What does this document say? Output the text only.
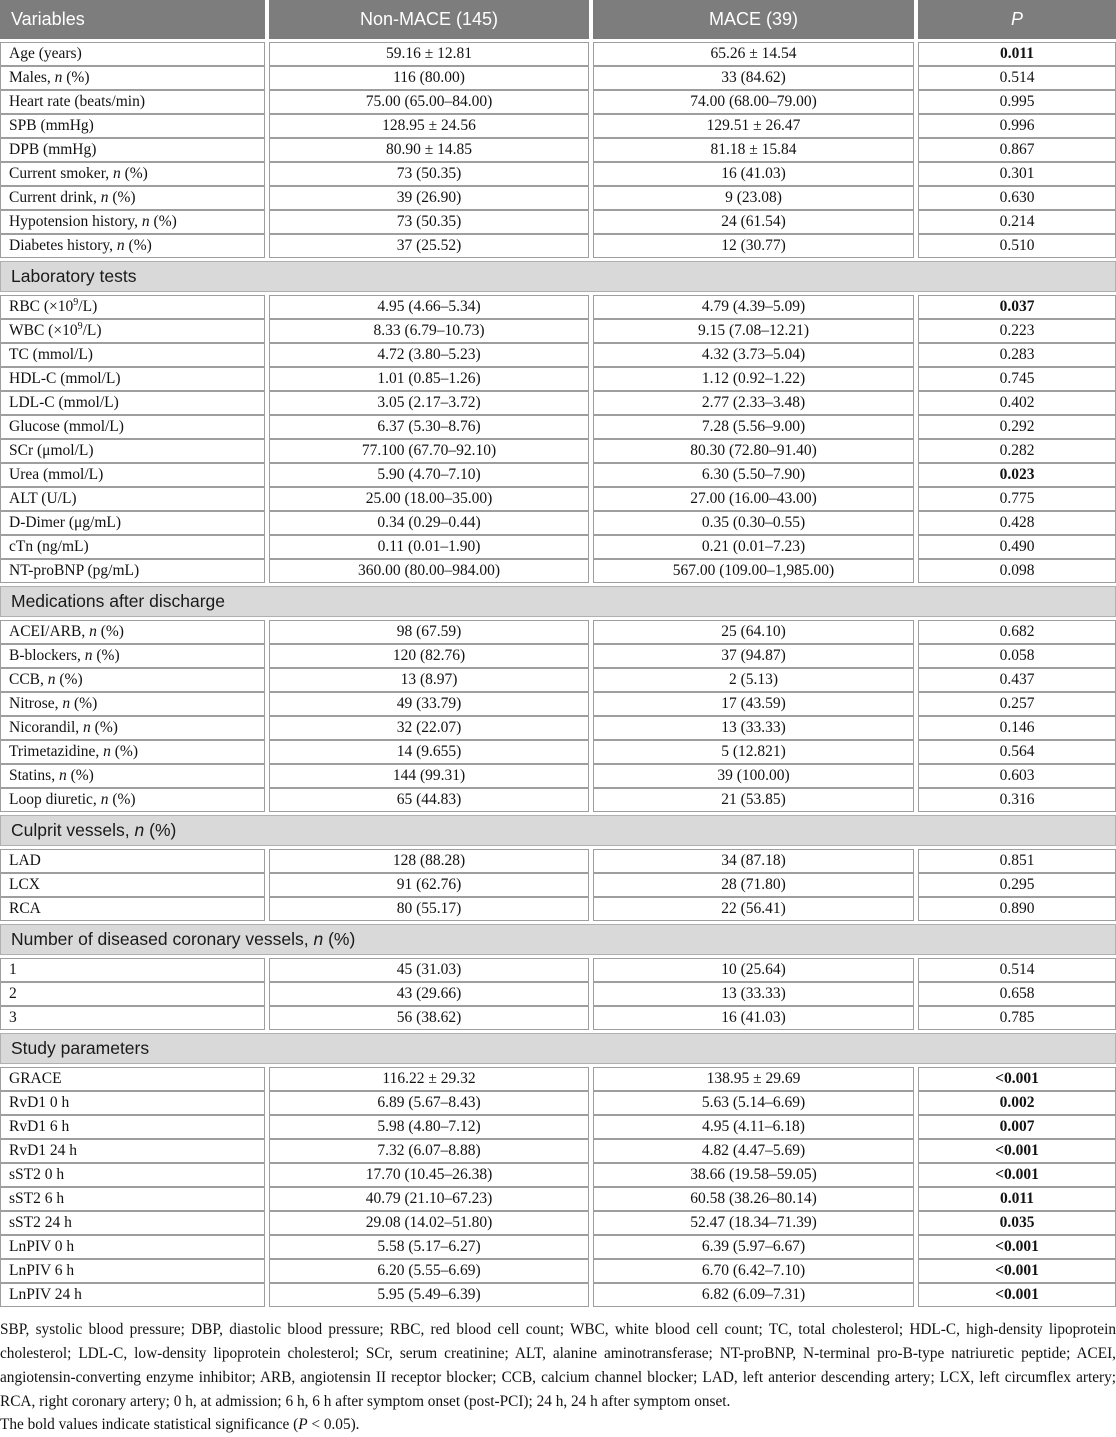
Variables	Non-MACE (145)	MACE (39)	P
Age (years)	59.16 ± 12.81	65.26 ± 14.54	0.011
Males, n (%)	116 (80.00)	33 (84.62)	0.514
Heart rate (beats/min)	75.00 (65.00–84.00)	74.00 (68.00–79.00)	0.995
SPB (mmHg)	128.95 ± 24.56	129.51 ± 26.47	0.996
DPB (mmHg)	80.90 ± 14.85	81.18 ± 15.84	0.867
Current smoker, n (%)	73 (50.35)	16 (41.03)	0.301
Current drink, n (%)	39 (26.90)	9 (23.08)	0.630
Hypotension history, n (%)	73 (50.35)	24 (61.54)	0.214
Diabetes history, n (%)	37 (25.52)	12 (30.77)	0.510
Laboratory tests
RBC $(\times 10^9/L)$	4.95 (4.66–5.34)	4.79 (4.39–5.09)	0.037
WBC $(\times 10^9/L)$	8.33 (6.79–10.73)	9.15 (7.08–12.21)	0.223
TC (mmol/L)	4.72 (3.80–5.23)	4.32 (3.73–5.04)	0.283
HDL-C (mmol/L)	1.01 (0.85–1.26)	1.12 (0.92–1.22)	0.745
LDL-C (mmol/L)	3.05 (2.17–3.72)	2.77 (2.33–3.48)	0.402
Glucose (mmol/L)	6.37 (5.30–8.76)	7.28 (5.56–9.00)	0.292
SCr (μmol/L)	77.100 (67.70–92.10)	80.30 (72.80–91.40)	0.282
Urea (mmol/L)	5.90 (4.70–7.10)	6.30 (5.50–7.90)	0.023
ALT (U/L)	25.00 (18.00–35.00)	27.00 (16.00–43.00)	0.775
D-Dimer (μg/mL)	0.34 (0.29–0.44)	0.35 (0.30–0.55)	0.428
cTn (ng/mL)	0.11 (0.01–1.90)	0.21 (0.01–7.23)	0.490
NT-proBNP (pg/mL)	360.00 (80.00–984.00)	567.00 (109.00–1,985.00)	0.098
Medications after discharge
ACEI/ARB, n (%)	98 (67.59)	25 (64.10)	0.682
B-blockers, n (%)	120 (82.76)	37 (94.87)	0.058
CCB, n (%)	13 (8.97)	2 (5.13)	0.437
Nitrose, n (%)	49 (33.79)	17 (43.59)	0.257
Nicorandil, n (%)	32 (22.07)	13 (33.33)	0.146
Trimetazidine, n (%)	14 (9.655)	5 (12.821)	0.564
Statins, n (%)	144 (99.31)	39 (100.00)	0.603
Loop diuretic, n (%)	65 (44.83)	21 (53.85)	0.316
Culprit vessels, n (%)
LAD	128 (88.28)	34 (87.18)	0.851
LCX	91 (62.76)	28 (71.80)	0.295
RCA	80 (55.17)	22 (56.41)	0.890
Number of diseased coronary vessels, n (%)
1	45 (31.03)	10 (25.64)	0.514
2	43 (29.66)	13 (33.33)	0.658
3	56 (38.62)	16 (41.03)	0.785
Study parameters
GRACE	116.22 ± 29.32	138.95 ± 29.69	<0.001
RvD1 0 h	6.89 (5.67–8.43)	5.63 (5.14–6.69)	0.002
RvD1 6 h	5.98 (4.80–7.12)	4.95 (4.11–6.18)	0.007
RvD1 24 h	7.32 (6.07–8.88)	4.82 (4.47–5.69)	<0.001
sST2 0 h	17.70 (10.45–26.38)	38.66 (19.58–59.05)	<0.001
sST2 6 h	40.79 (21.10–67.23)	60.58 (38.26–80.14)	0.011
sST2 24 h	29.08 (14.02–51.80)	52.47 (18.34–71.39)	0.035
LnPIV 0 h	5.58 (5.17–6.27)	6.39 (5.97–6.67)	<0.001
LnPIV 6 h	6.20 (5.55–6.69)	6.70 (6.42–7.10)	<0.001
LnPIV 24 h	5.95 (5.49–6.39)	6.82 (6.09–7.31)	<0.001
SBP, systolic blood pressure; DBP, diastolic blood pressure; RBC, red blood cell count; WBC, white blood cell count; TC, total cholesterol; HDL-C, high-density lipoprotein cholesterol; LDL-C, low-density lipoprotein cholesterol; SCr, serum creatinine; ALT, alanine aminotransferase; NT-proBNP, N-terminal pro-B-type natriuretic peptide; ACEI, angiotensin-converting enzyme inhibitor; ARB, angiotensin II receptor blocker; CCB, calcium channel blocker; LAD, left anterior descending artery; LCX, left circumflex artery; RCA, right coronary artery; 0 h, at admission; 6 h, 6 h after symptom onset (post-PCI); 24 h, 24 h after symptom onset.
The bold values indicate statistical significance (P < 0.05).
